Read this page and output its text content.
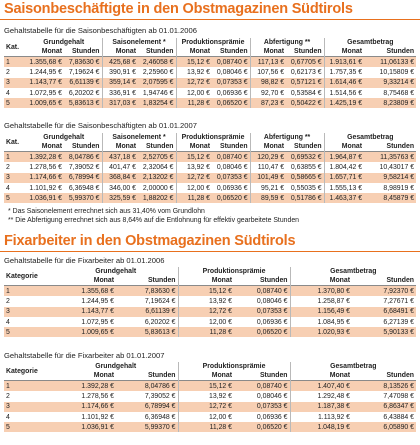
Saisonbeschäftigte in den Obstmagazinen Südtirols
Gehaltstabelle für die Saisonbeschäftigten ab 01.01.2006
Kat.	Grundgehalt		Saisonelement *		Produktionsprämie		Abfertigung **		Gesamtbetrag	
	Monat	Stunden	Monat	Stunden	Monat	Stunden	Monat	Stunden	Monat	Stunden
1	1.355,68 €	7,83630 €	425,68 €	2,46058 €	15,12 €	0,08740 €	117,13 €	0,67705 €	1.913,61 €	11,06133 €
2	1.244,95 €	7,19624 €	390,91 €	2,25960 €	13,92 €	0,08046 €	107,56 €	0,62173 €	1.757,35 €	10,15809 €
3	1.143,77 €	6,61139 €	359,14 €	2,07595 €	12,72 €	0,07353 €	98,82 €	0,57121 €	1.614,46 €	9,33214 €
4	1.072,95 €	6,20202 €	336,91 €	1,94746 €	12,00 €	0,06936 €	92,70 €	0,53584 €	1.514,56 €	8,75468 €
5	1.009,65 €	5,83613 €	317,03 €	1,83254 €	11,28 €	0,06520 €	87,23 €	0,50422 €	1.425,19 €	8,23809 €
Gehaltstabelle für die Saisonbeschäftigten ab 01.01.2007
Kat.	Grundgehalt		Saisonelement *		Produktionsprämie		Abfertigung **		Gesamtbetrag	
	Monat	Stunden	Monat	Stunden	Monat	Stunden	Monat	Stunden	Monat	Stunden
1	1.392,28 €	8,04786 €	437,18 €	2,52705 €	15,12 €	0,08740 €	120,29 €	0,69532 €	1.964,87 €	11,35763 €
2	1.278,56 €	7,39052 €	401,47 €	2,32064 €	13,92 €	0,08046 €	110,47 €	0,63855 €	1.804,42 €	10,43017 €
3	1.174,66 €	6,78994 €	368,84 €	2,13202 €	12,72 €	0,07353 €	101,49 €	0,58665 €	1.657,71 €	9,58214 €
4	1.101,92 €	6,36948 €	346,00 €	2,00000 €	12,00 €	0,06936 €	95,21 €	0,55035 €	1.555,13 €	8,98919 €
5	1.036,91 €	5,99370 €	325,59 €	1,88202 €	11,28 €	0,06520 €	89,59 €	0,51786 €	1.463,37 €	8,45879 €
* Das Saisonelement errechnet sich aus 31,40% vom Grundlohn
** Die Abfertigung errechnet sich aus 8,64% auf die Entlohnung für effektiv gearbeitete Stunden
Fixarbeiter in den Obstmagazinen Südtirols
Gehaltstabelle für die Fixarbeiter ab 01.01.2006
Kategorie	Grundgehalt		Produktionsprämie		Gesamtbetrag	
	Monat	Stunden	Monat	Stunden	Monat	Stunden
1	1.355,68 €	7,83630 €	15,12 €	0,08740 €	1.370,80 €	7,92370 €
2	1.244,95 €	7,19624 €	13,92 €	0,08046 €	1.258,87 €	7,27671 €
3	1.143,77 €	6,61139 €	12,72 €	0,07353 €	1.156,49 €	6,68491 €
4	1.072,95 €	6,20202 €	12,00 €	0,06936 €	1.084,95 €	6,27139 €
5	1.009,65 €	5,83613 €	11,28 €	0,06520 €	1.020,93 €	5,90133 €
Gehaltstabelle für die Fixarbeiter ab 01.01.2007
Kategorie	Grundgehalt		Produktionsprämie		Gesamtbetrag	
	Monat	Stunden	Monat	Stunden	Monat	Stunden
1	1.392,28 €	8,04786 €	15,12 €	0,08740 €	1.407,40 €	8,13526 €
2	1.278,56 €	7,39052 €	13,92 €	0,08046 €	1.292,48 €	7,47098 €
3	1.174,66 €	6,78994 €	12,72 €	0,07353 €	1.187,38 €	6,86347 €
4	1.101,92 €	6,36948 €	12,00 €	0,06936 €	1.113,92 €	6,43884 €
5	1.036,91 €	5,99370 €	11,28 €	0,06520 €	1.048,19 €	6,05890 €
